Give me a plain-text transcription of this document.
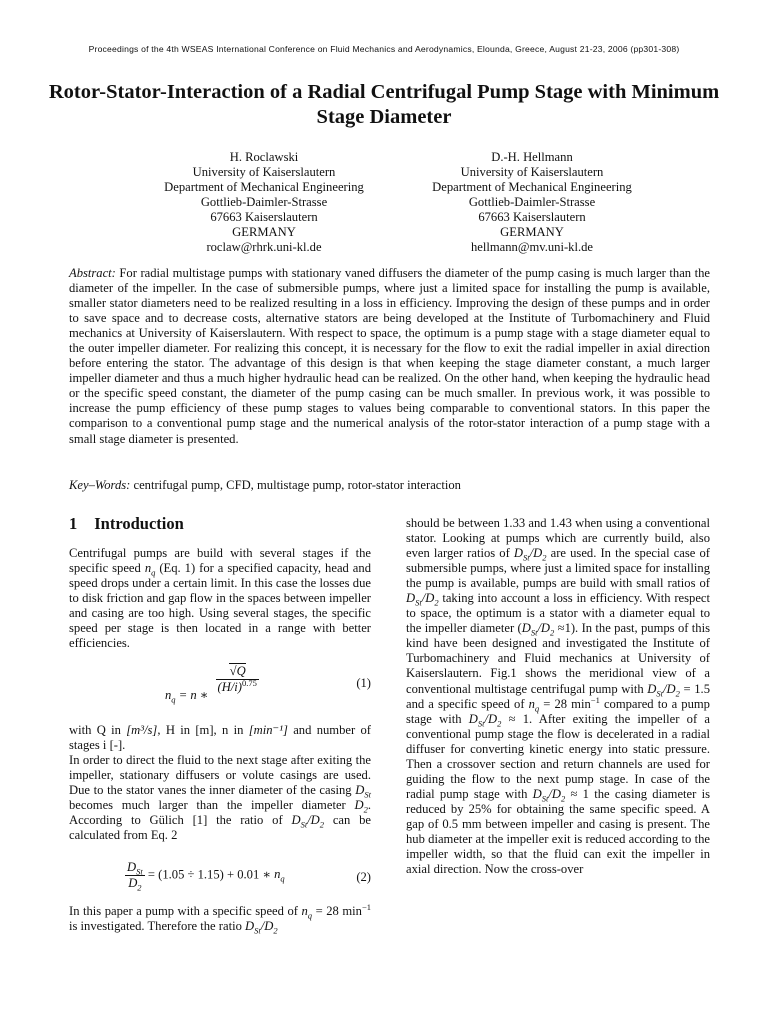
Proceedings of the 4th WSEAS International Conference on Fluid Mechanics and Aerodynamics, Elounda, Greece, August 21-23, 2006 (pp301-308)
Rotor-Stator-Interaction of a Radial Centrifugal Pump Stage with Minimum Stage Diameter
H. Roclawski
University of Kaiserslautern
Department of Mechanical Engineering
Gottlieb-Daimler-Strasse
67663 Kaiserslautern
GERMANY
roclaw@rhrk.uni-kl.de
D.-H. Hellmann
University of Kaiserslautern
Department of Mechanical Engineering
Gottlieb-Daimler-Strasse
67663 Kaiserslautern
GERMANY
hellmann@mv.uni-kl.de
Abstract: For radial multistage pumps with stationary vaned diffusers the diameter of the pump casing is much larger than the diameter of the impeller. In the case of submersible pumps, where just a limited space for installing the pump is available, smaller stator diameters need to be realized resulting in a loss in efficiency. Improving the design of these pumps and in order to save space and to decrease costs, alternative stators are being developed at the Institute of Turbomachinery and Fluid mechanics at University of Kaiserslautern. With respect to space, the optimum is a pump stage with a stage diameter equal to the outer impeller diameter. For realizing this concept, it is necessary for the flow to exit the radial impeller in axial direction before entering the stator. The advantage of this design is that when keeping the stage diameter constant, a much larger impeller diameter and thus a much higher hydraulic head can be realized. On the other hand, when keeping the hydraulic head or the specific speed constant, the diameter of the pump casing can be much smaller. In previous work, it was possible to increase the pump efficiency of these pump stages to values being comparable to conventional stators. In this paper the comparison to a conventional pump stage and the numerical analysis of the rotor-stator interaction of a pump stage with a small stage diameter is presented.
Key–Words: centrifugal pump, CFD, multistage pump, rotor-stator interaction
1 Introduction
Centrifugal pumps are build with several stages if the specific speed $n_q$ (Eq. 1) for a specified capacity, head and speed drops under a certain limit. In this case the losses due to disk friction and gap flow in the spaces between impeller and casing are too high. Using several stages, the specific speed per stage is then located in a range with better efficiencies.
$n_q = n$ ∗
$\frac{√Q}{(H/i)^{0.75}}$	(1)
with Q in [m³/s], H in [m], n in [min⁻¹] and number of stages i [-].
In order to direct the fluid to the next stage after exiting the impeller, stationary diffusers or volute casings are used. Due to the stator vanes the inner diameter of the casing $D_{St}$ becomes much larger than the impeller diameter $D_2$. According to Gülich [1] the ratio of $D_{St}/D_2$ can be calculated from Eq. 2
$\frac{D_{St}}{D_2} = (1.05 \div 1.15) + 0.01$ ∗ $n_q$	(2)
In this paper a pump with a specific speed of $n_q = 28$ $\min^{-1}$ is investigated. Therefore the ratio $D_{St}/D_2$
should be between 1.33 and 1.43 when using a conventional stator. Looking at pumps which are currently build, also even larger ratios of $D_{St}/D_2$ are used. In the special case of submersible pumps, where just a limited space for installing the pump is available, pumps are build with small ratios of $D_{St}/D_2$ taking into account a loss in efficiency. With respect to space, the optimum is a stator with a diameter equal to the impeller diameter $(D_{St}/D_2 \approx 1)$. In the past, pumps of this kind have been designed and investigated the Institute of Turbomachinery and Fluid mechanics at University of Kaiserslautern. Fig.1 shows the meridional view of a conventional multistage centrifugal pump with $D_{St}/D_2 = 1.5$ and a specific speed of $n_q = 28$ $\min^{-1}$ compared to a pump stage with $D_{St}/D_2 \approx 1$. After exiting the impeller of a conventional pump stage the flow is decelerated in a radial diffuser for converting kinetic energy into static pressure. Then a crossover section and return channels are used for guiding the flow to the next pump stage. In case of the radial pump stage with $D_{St}/D_2 \approx 1$ the casing diameter is reduced by 25% for obtaining the same specific speed. A gap of 0.5 mm between impeller and casing is present. The hub diameter at the impeller exit is reduced according to the impeller width, so that the fluid can exit the impeller in axial direction. Now the cross-over
